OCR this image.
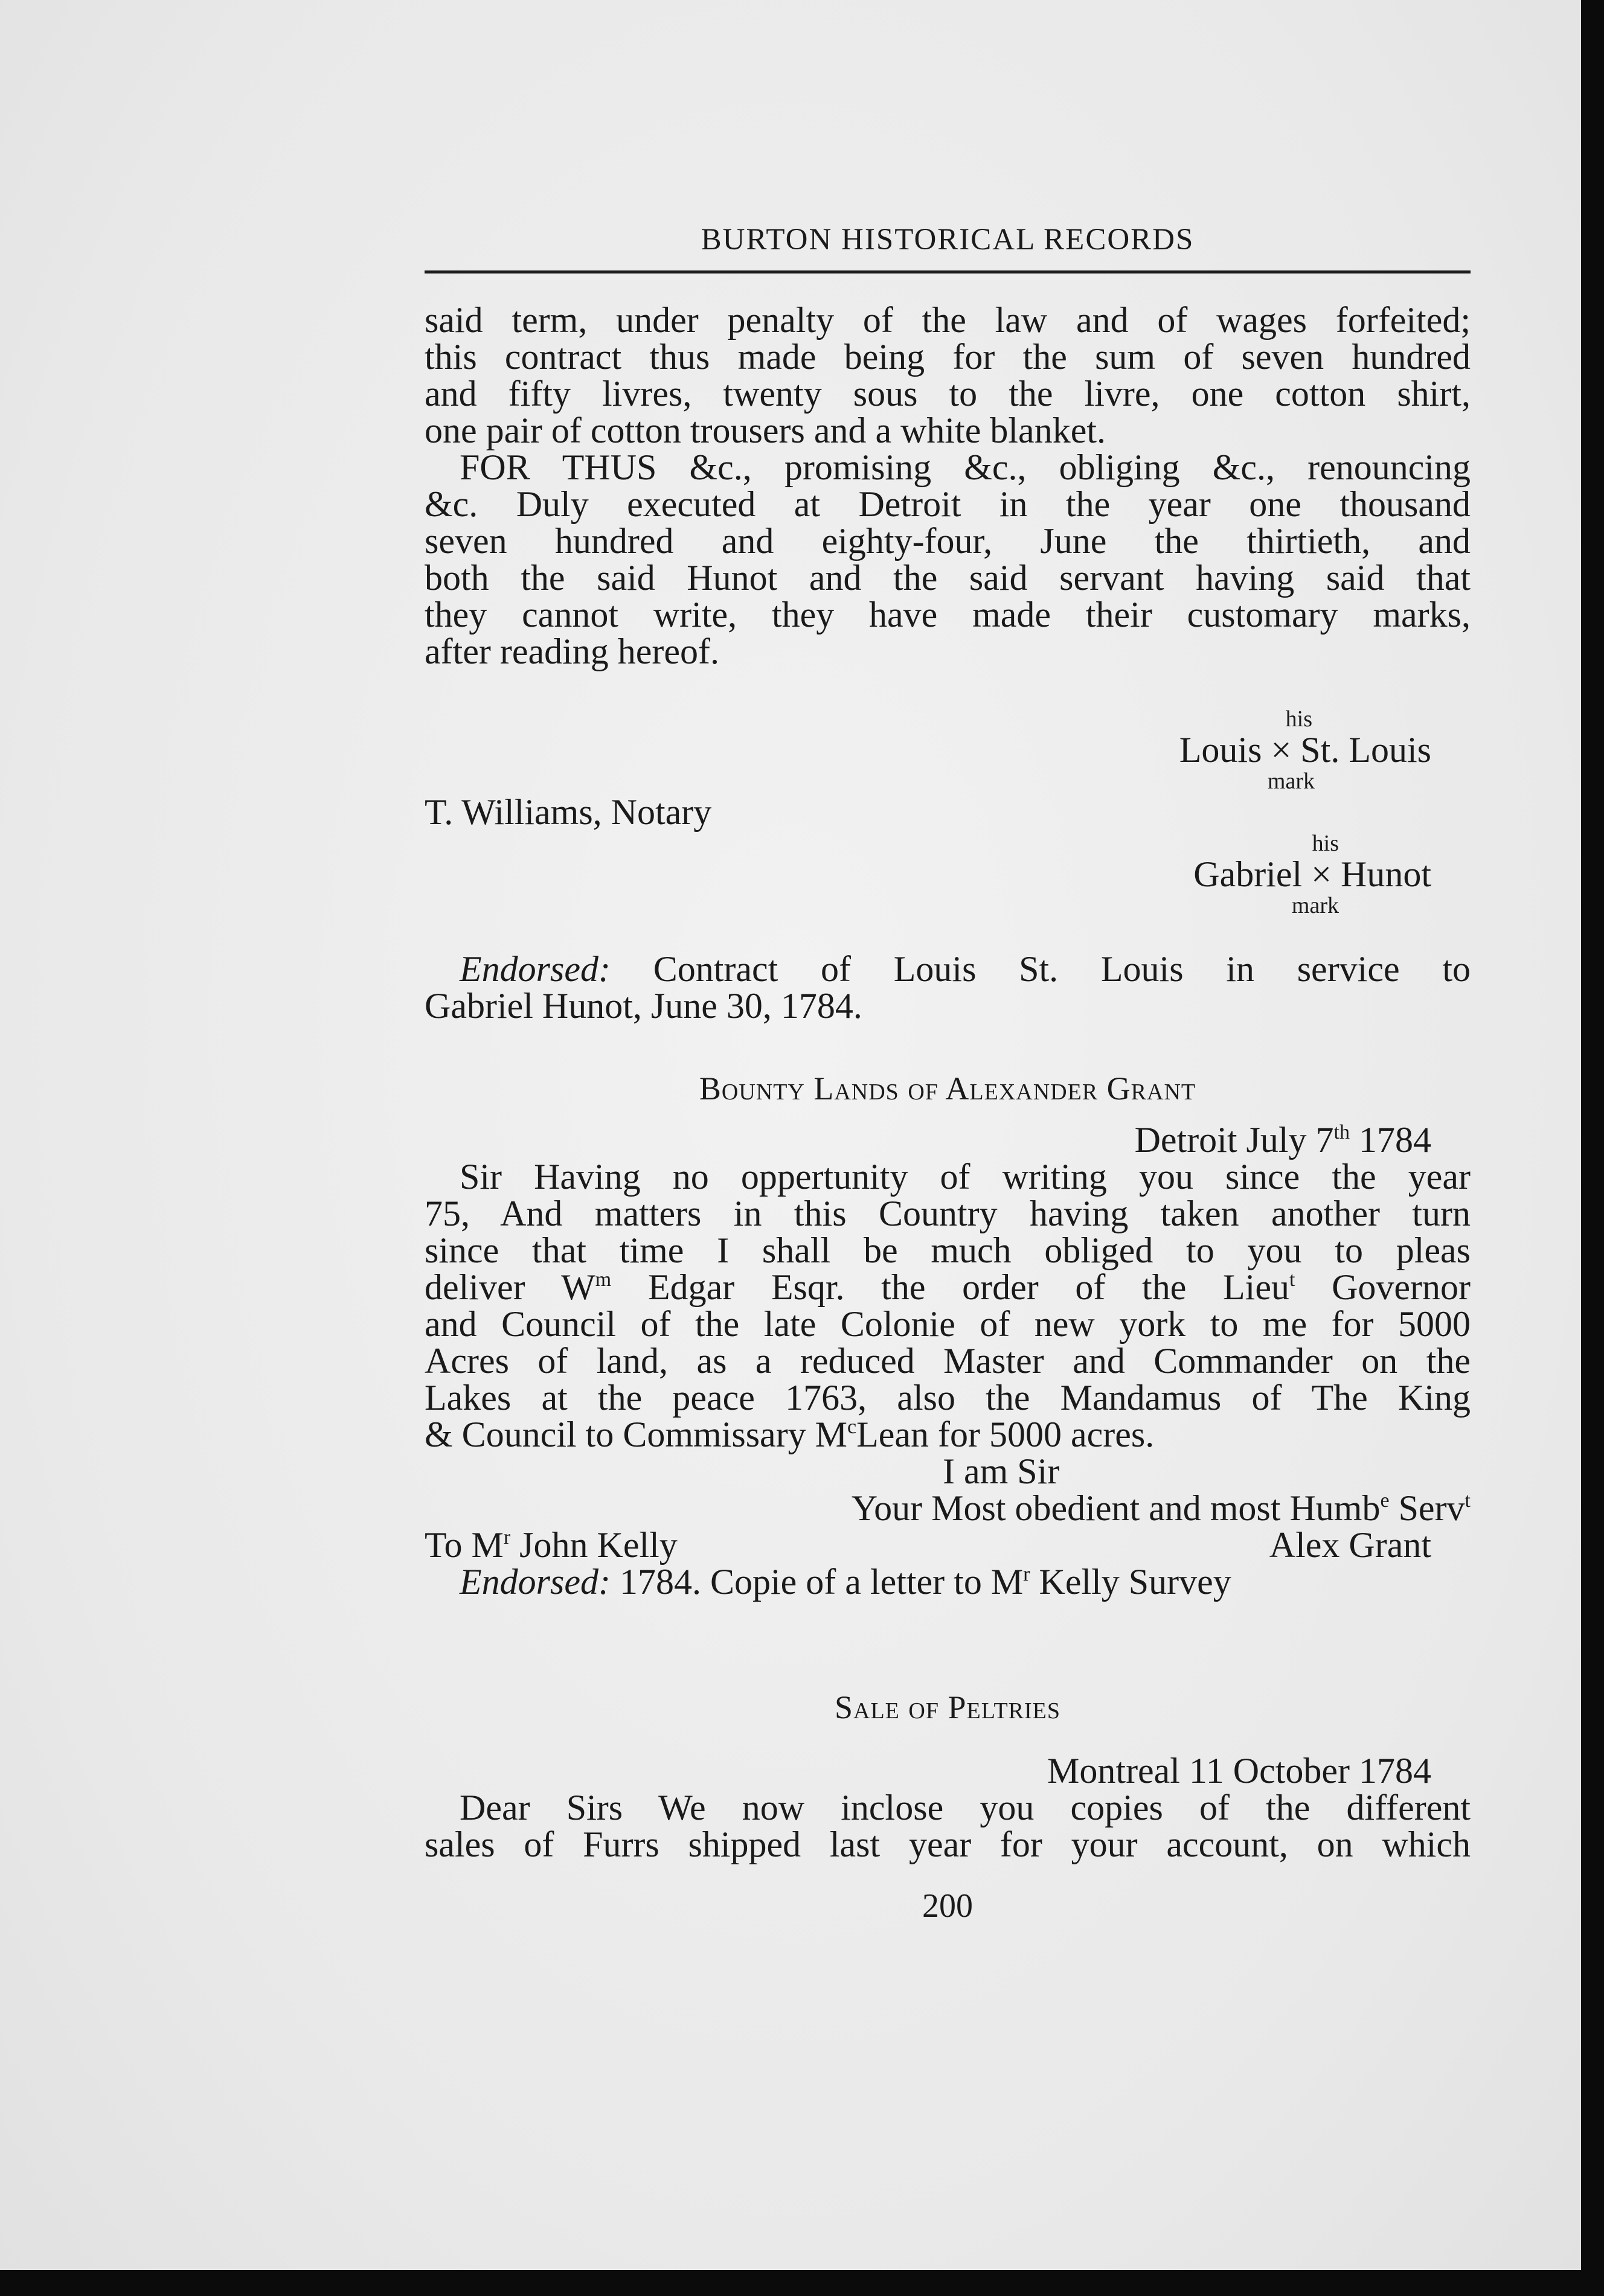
BURTON HISTORICAL RECORDS
said term, under penalty of the law and of wages forfeited;
this contract thus made being for the sum of seven hundred
and fifty livres, twenty sous to the livre, one cotton shirt,
one pair of cotton trousers and a white blanket.
FOR THUS &c., promising &c., obliging &c., renouncing
&c. Duly executed at Detroit in the year one thousand
seven hundred and eighty-four, June the thirtieth, and
both the said Hunot and the said servant having said that
they cannot write, they have made their customary marks,
after reading hereof.
his
Louis × St. Louis
mark
T. Williams, Notary
his
Gabriel × Hunot
mark
Endorsed: Contract of Louis St. Louis in service to
Gabriel Hunot, June 30, 1784.
Bounty Lands of Alexander Grant
Detroit July 7th 1784
Sir Having no oppertunity of writing you since the year
75, And matters in this Country having taken another turn
since that time I shall be much obliged to you to pleas
deliver $W^m$ Edgar Esqr. the order of the Lieu$^t$ Governor
and Council of the late Colonie of new york to me for 5000
Acres of land, as a reduced Master and Commander on the
Lakes at the peace 1763, also the Mandamus of The King
& Council to Commissary $M^cLean$ for 5000 acres.
I am Sir
Your Most obedient and most Humb$^e$ Serv$^t$
To $M^r$ John Kelly	Alex Grant
Endorsed: 1784. Copie of a letter to $M^r$ Kelly Survey
Sale of Peltries
Montreal 11 October 1784
Dear Sirs We now inclose you copies of the different
sales of Furrs shipped last year for your account, on which
200
